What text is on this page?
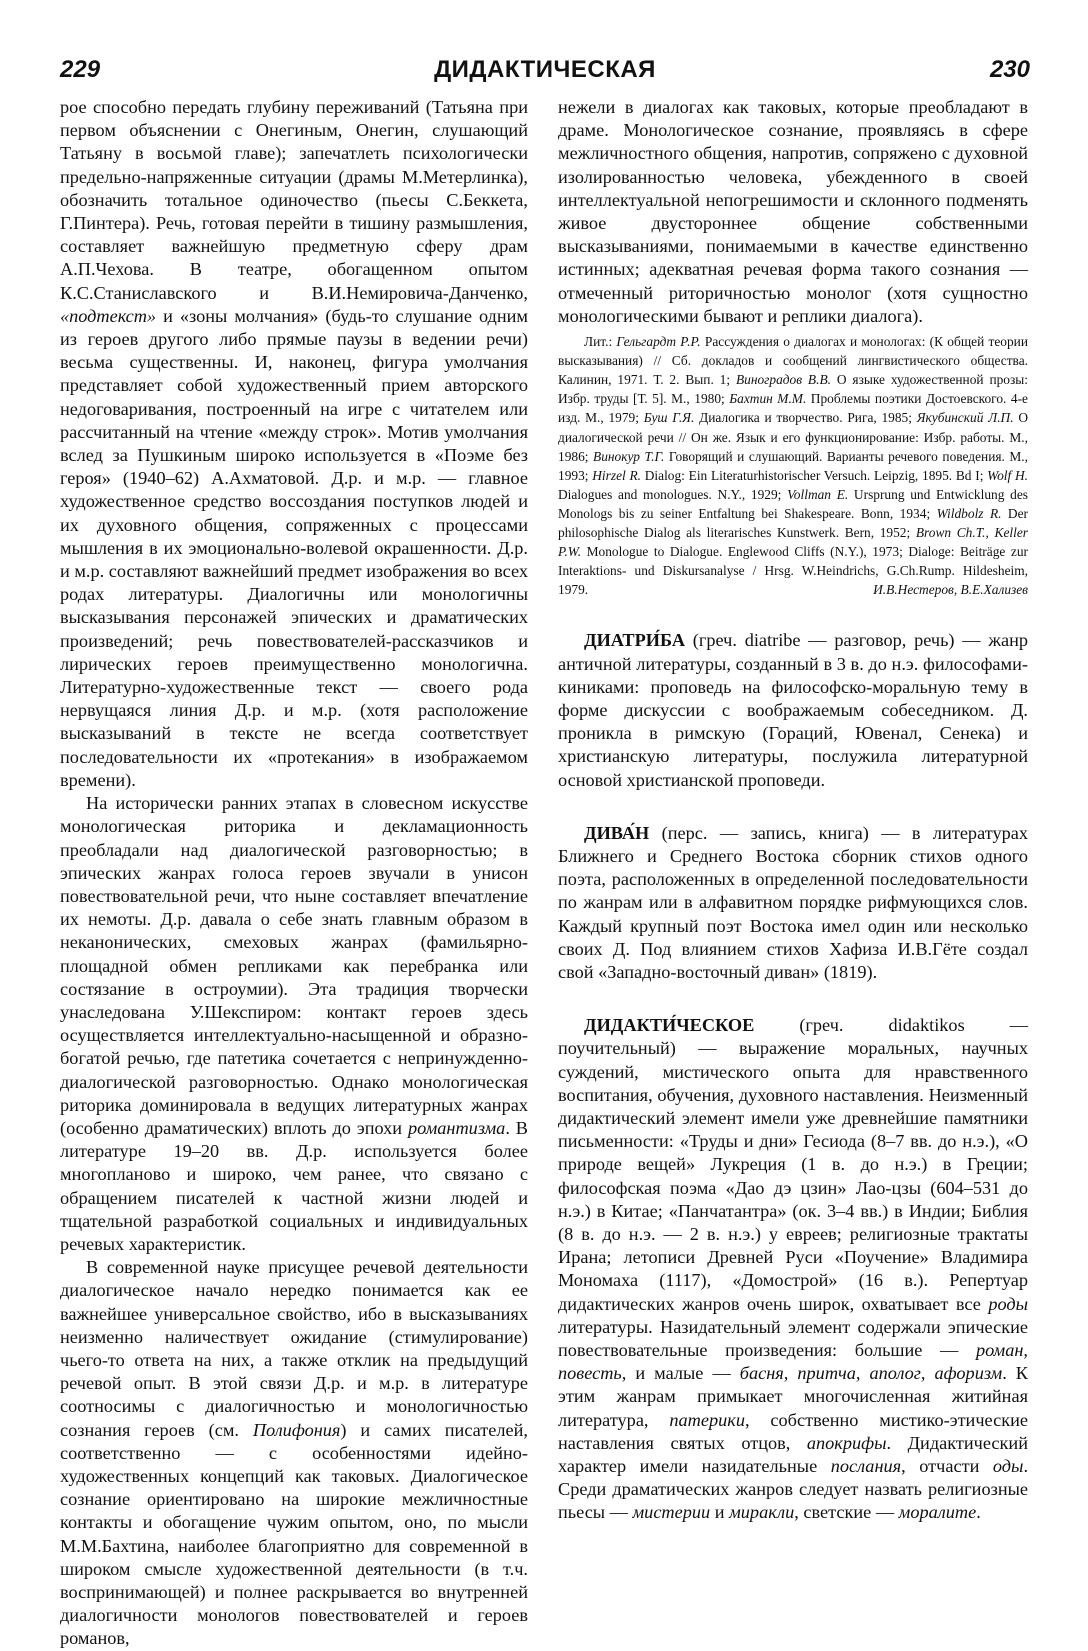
229	ДИДАКТИЧЕСКАЯ	230

рое способно передать глубину переживаний (Татьяна при первом объяснении с Онегиным, Онегин, слушающий Татьяну в восьмой главе); запечатлеть психологически предельно-напряженные ситуации (драмы М.Метерлинка), обозначить тотальное одиночество (пьесы С.Беккета, Г.Пинтера). Речь, готовая перейти в тишину размышления, составляет важнейшую предметную сферу драм А.П.Чехова. В театре, обогащенном опытом К.С.Станиславского и В.И.Немировича-Данченко, «подтекст» и «зоны молчания» (будь-то слушание одним из героев другого либо прямые паузы в ведении речи) весьма существенны. И, наконец, фигура умолчания представляет собой художественный прием авторского недоговаривания, построенный на игре с читателем или рассчитанный на чтение «между строк». Мотив умолчания вслед за Пушкиным широко используется в «Поэме без героя» (1940–62) А.Ахматовой. Д.р. и м.р. — главное художественное средство воссоздания поступков людей и их духовного общения, сопряженных с процессами мышления в их эмоционально-волевой окрашенности. Д.р. и м.р. составляют важнейший предмет изображения во всех родах литературы. Диалогичны или монологичны высказывания персонажей эпических и драматических произведений; речь повествователей-рассказчиков и лирических героев преимущественно монологична. Литературно-художественные текст — своего рода нервущаяся линия Д.р. и м.р. (хотя расположение высказываний в тексте не всегда соответствует последовательности их «протекания» в изображаемом времени).

На исторически ранних этапах в словесном искусстве монологическая риторика и декламационность преобладали над диалогической разговорностью; в эпических жанрах голоса героев звучали в унисон повествовательной речи, что ныне составляет впечатление их немоты. Д.р. давала о себе знать главным образом в неканонических, смеховых жанрах (фамильярно-площадной обмен репликами как перебранка или состязание в остроумии). Эта традиция творчески унаследована У.Шекспиром: контакт героев здесь осуществляется интеллектуально-насыщенной и образно-богатой речью, где патетика сочетается с непринужденно-диалогической разговорностью. Однако монологическая риторика доминировала в ведущих литературных жанрах (особенно драматических) вплоть до эпохи романтизма. В литературе 19–20 вв. Д.р. используется более многопланово и широко, чем ранее, что связано с обращением писателей к частной жизни людей и тщательной разработкой социальных и индивидуальных речевых характеристик.

В современной науке присущее речевой деятельности диалогическое начало нередко понимается как ее важнейшее универсальное свойство, ибо в высказываниях неизменно наличествует ожидание (стимулирование) чьего-то ответа на них, а также отклик на предыдущий речевой опыт. В этой связи Д.р. и м.р. в литературе соотносимы с диалогичностью и монологичностью сознания героев (см. Полифония) и самих писателей, соответственно — с особенностями идейно-художественных концепций как таковых. Диалогическое сознание ориентировано на широкие межличностные контакты и обогащение чужим опытом, оно, по мысли М.М.Бахтина, наиболее благоприятно для современной в широком смысле художественной деятельности (в т.ч. воспринимающей) и полнее раскрывается во внутренней диалогичности монологов повествователей и героев романов,

нежели в диалогах как таковых, которые преобладают в драме. Монологическое сознание, проявляясь в сфере межличностного общения, напротив, сопряжено с духовной изолированностью человека, убежденного в своей интеллектуальной непогрешимости и склонного подменять живое двустороннее общение собственными высказываниями, понимаемыми в качестве единственно истинных; адекватная речевая форма такого сознания — отмеченный риторичностью монолог (хотя сущностно монологическими бывают и реплики диалога).

Лит.: Гельгардт Р.Р. Рассуждения о диалогах и монологах: (К общей теории высказывания) // Сб. докладов и сообщений лингвистического общества. Калинин, 1971. Т. 2. Вып. 1; Виноградов В.В. О языке художественной прозы: Избр. труды [Т. 5]. М., 1980; Бахтин М.М. Проблемы поэтики Достоевского. 4-е изд. М., 1979; Буш Г.Я. Диалогика и творчество. Рига, 1985; Якубинский Л.П. О диалогической речи // Он же. Язык и его функционирование: Избр. работы. М., 1986; Винокур Т.Г. Говорящий и слушающий. Варианты речевого поведения. М., 1993; Hirzel R. Dialog: Ein Literaturhistorischer Versuch. Leipzig, 1895. Bd I; Wolf H. Dialogues and monologues. N.Y., 1929; Vollman E. Ursprung und Entwicklung des Monologs bis zu seiner Entfaltung bei Shakespeare. Bonn, 1934; Wildbolz R. Der philosophische Dialog als literarisches Kunstwerk. Bern, 1952; Brown Ch.T., Keller P.W. Monologue to Dialogue. Englewood Cliffs (N.Y.), 1973; Dialoge: Beiträge zur Interaktions- und Diskursanalyse / Hrsg. W.Heindrichs, G.Ch.Rump. Hildesheim, 1979.	И.В.Нестеров, В.Е.Хализев

ДИАТРИ́БА (греч. diatribe — разговор, речь) — жанр античной литературы, созданный в 3 в. до н.э. философами-киниками: проповедь на философско-моральную тему в форме дискуссии с воображаемым собеседником. Д. проникла в римскую (Гораций, Ювенал, Сенека) и христианскую литературы, послужила литературной основой христианской проповеди.

ДИВА́Н (перс. — запись, книга) — в литературах Ближнего и Среднего Востока сборник стихов одного поэта, расположенных в определенной последовательности по жанрам или в алфавитном порядке рифмующихся слов. Каждый крупный поэт Востока имел один или несколько своих Д. Под влиянием стихов Хафиза И.В.Гёте создал свой «Западно-восточный диван» (1819).

ДИДАКТИ́ЧЕСКОЕ (греч. didaktikos — поучительный) — выражение моральных, научных суждений, мистического опыта для нравственного воспитания, обучения, духовного наставления. Неизменный дидактический элемент имели уже древнейшие памятники письменности: «Труды и дни» Гесиода (8–7 вв. до н.э.), «О природе вещей» Лукреция (1 в. до н.э.) в Греции; философская поэма «Дао дэ цзин» Лао-цзы (604–531 до н.э.) в Китае; «Панчатантра» (ок. 3–4 вв.) в Индии; Библия (8 в. до н.э. — 2 в. н.э.) у евреев; религиозные трактаты Ирана; летописи Древней Руси «Поучение» Владимира Мономаха (1117), «Домострой» (16 в.). Репертуар дидактических жанров очень широк, охватывает все роды литературы. Назидательный элемент содержали эпические повествовательные произведения: большие — роман, повесть, и малые — басня, притча, аполог, афоризм. К этим жанрам примыкает многочисленная житийная литература, патерики, собственно мистико-этические наставления святых отцов, апокрифы. Дидактический характер имели назидательные послания, отчасти оды. Среди драматических жанров следует назвать религиозные пьесы — мистерии и миракли, светские — моралите.
